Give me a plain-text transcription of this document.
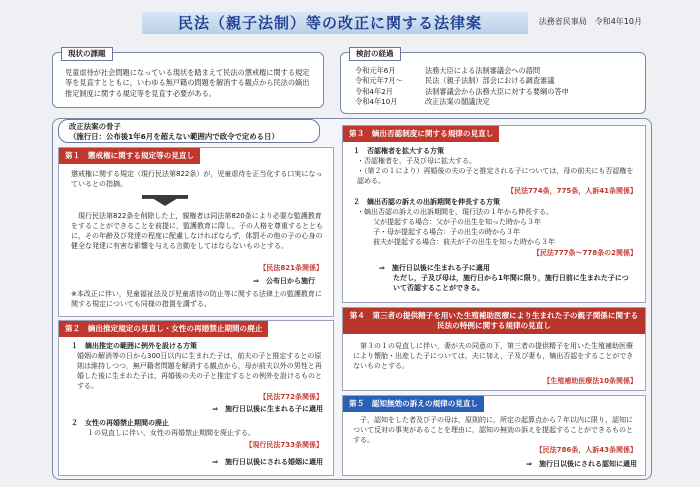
民法（親子法制）等の改正に関する法律案	法務省民事局　令和4年10月
現状の課題
児童虐待が社会問題になっている現状を踏まえて民法の懲戒権に関する規定等を見直すとともに，いわゆる無戸籍の問題を解消する観点から民法の嫡出推定制度に関する規定等を見直す必要がある。
検討の経過
令和元年6月	法務大臣による法制審議会への諮問
令和元年7月～	民法（親子法制）部会における調査審議
令和4年2月	法制審議会から法務大臣に対する要綱の答申
令和4年10月	改正法案の閣議決定
改正法案の骨子
（施行日：公布後1年6月を超えない範囲内で政令で定める日）
第１　懲戒権に関する規定等の見直し
懲戒権に関する規定（現行民法第822条）が，児童虐待を正当化する口実になっているとの指摘。
現行民法第822条を削除した上，親権者は同法第820条により必要な監護教育をすることができることを前提に，監護教育に際し，子の人格を尊重するとともに，その年齢及び発達の程度に配慮しなければならず，体罰その他の子の心身の健全な発達に有害な影響を与える言動をしてはならないものとする。
【民法821条関係】
⇒　公布日から施行
※本改正に伴い，児童福祉法及び児童虐待の防止等に関する法律上の監護教育に関する規定についても同様の措置を講ずる。
第２　嫡出推定規定の見直し・女性の再婚禁止期間の廃止
１　嫡出推定の範囲に例外を設ける方策
婚姻の解消等の日から300日以内に生まれた子は，前夫の子と推定するとの原則は維持しつつ，無戸籍者問題を解消する観点から，母が前夫以外の男性と再婚した後に生まれた子は，再婚後の夫の子と推定するとの例外を設けるものとする。
【民法772条関係】
⇒　施行日以後に生まれる子に適用
２　女性の再婚禁止期間の廃止
１の見直しに伴い，女性の再婚禁止期間を廃止する。
【現行民法733条関係】
⇒　施行日以後にされる婚姻に適用
第３　嫡出否認制度に関する規律の見直し
１　否認権者を拡大する方策
・否認権者を，子及び母に拡大する。
・（第２の１により）再婚後の夫の子と推定される子については，母の前夫にも否認権を認める。
【民法774条，775条，人訴41条関係】
２　嫡出否認の訴えの出訴期間を伸長する方策
・嫡出否認の訴えの出訴期間を，現行法の１年から伸長する。
父が提起する場合：父が子の出生を知った時から３年
子・母が提起する場合：子の出生の時から３年
前夫が提起する場合：前夫が子の出生を知った時から３年
【民法777条～778条の2関係】
⇒　施行日以後に生まれる子に適用
ただし，子及び母は，施行日から1年間に限り，施行日前に生まれた子について否認することができる。
第４　第三者の提供精子を用いた生殖補助医療により生まれた子の親子関係に関する民法の特例に関する規律の見直し
第３の１の見直しに伴い，妻が夫の同意の下，第三者の提供精子を用いた生殖補助医療により懐胎・出産した子については，夫に加え，子及び妻も，嫡出否認をすることができないものとする。
【生殖補助医療法10条関係】
第５　認知無効の訴えの規律の見直し
子，認知をした者及び子の母は，原則的に，所定の起算点から７年以内に限り，認知について反対の事実があることを理由に，認知の無効の訴えを提起することができるものとする。
【民法786条，人訴43条関係】
⇒　施行日以後にされる認知に適用
